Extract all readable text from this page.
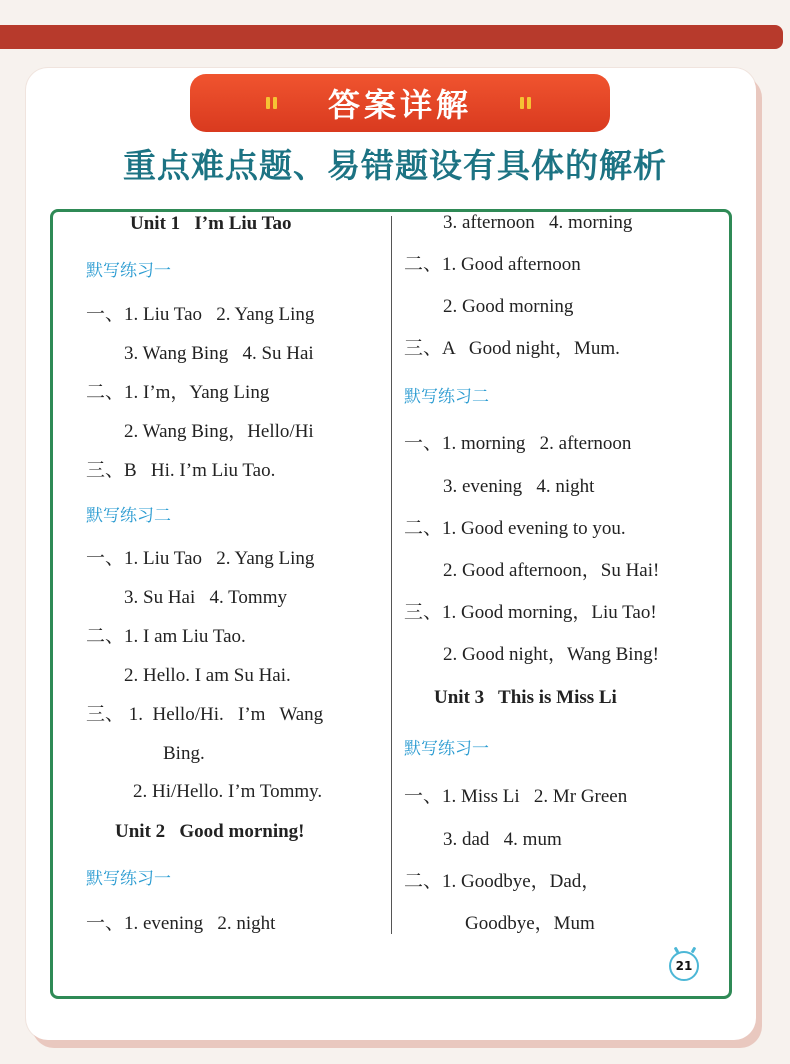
答案详解
重点难点题、易错题设有具体的解析
Unit 1   I’m Liu Tao
默写练习一
一、1. Liu Tao   2. Yang Ling
3. Wang Bing   4. Su Hai
二、1. I’m，Yang Ling
2. Wang Bing，Hello/Hi
三、B   Hi. I’m Liu Tao.
默写练习二
一、1. Liu Tao   2. Yang Ling
3. Su Hai   4. Tommy
二、1. I am Liu Tao.
2. Hello. I am Su Hai.
三、 1.  Hello/Hi.   I’m   Wang
Bing.
2. Hi/Hello. I’m Tommy.
Unit 2   Good morning!
默写练习一
一、1. evening   2. night
3. afternoon   4. morning
二、1. Good afternoon
2. Good morning
三、A   Good night，Mum.
默写练习二
一、1. morning   2. afternoon
3. evening   4. night
二、1. Good evening to you.
2. Good afternoon，Su Hai!
三、1. Good morning，Liu Tao!
2. Good night，Wang Bing!
Unit 3   This is Miss Li
默写练习一
一、1. Miss Li   2. Mr Green
3. dad   4. mum
二、1. Goodbye，Dad，
Goodbye，Mum
21
